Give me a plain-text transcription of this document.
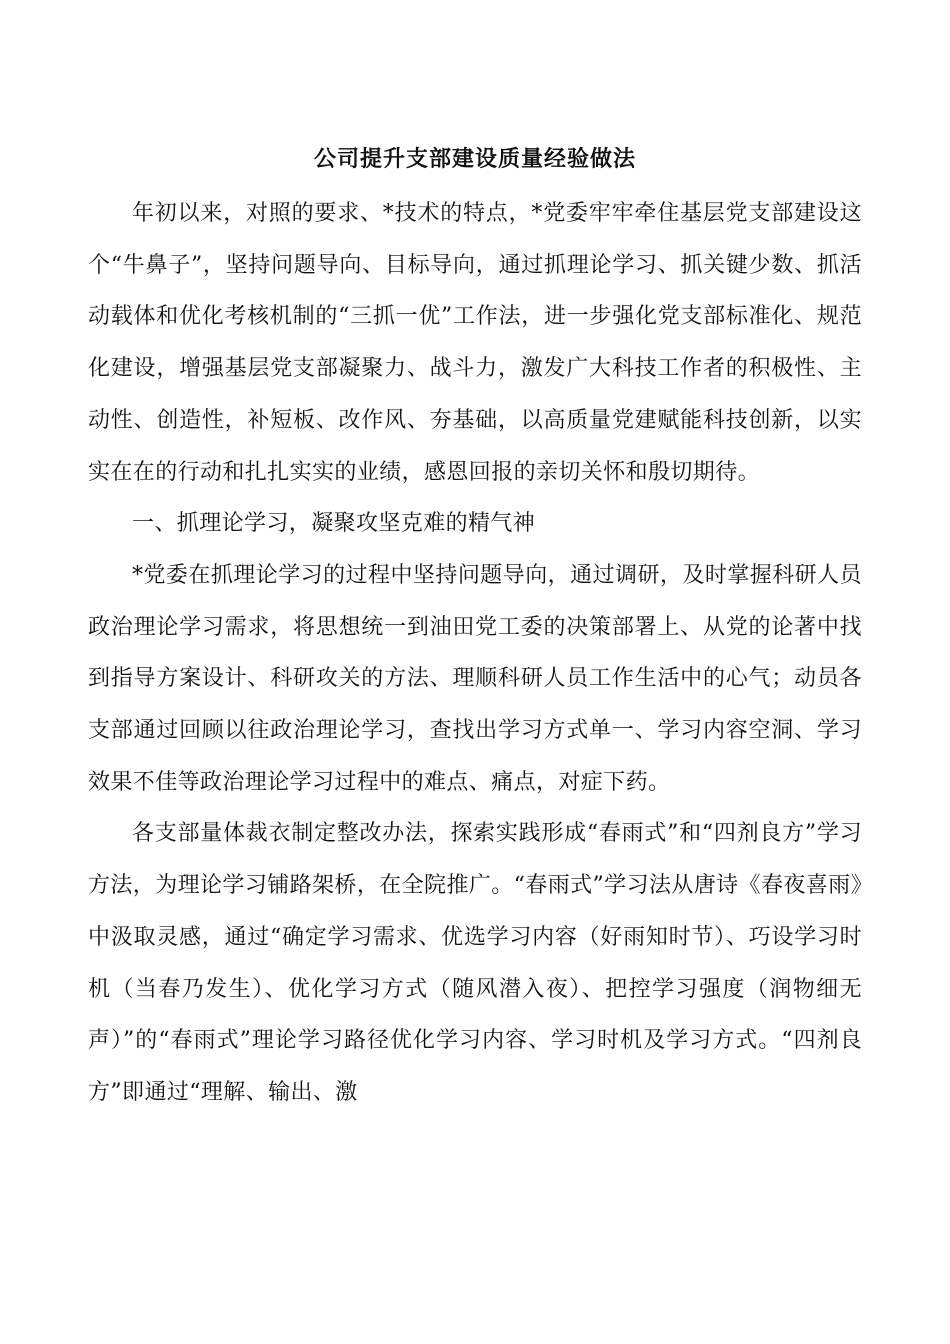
公司提升支部建设质量经验做法

年初以来，对照的要求、*技术的特点，*党委牢牢牵住基层党支部建设这个“牛鼻子”，坚持问题导向、目标导向，通过抓理论学习、抓关键少数、抓活动载体和优化考核机制的“三抓一优”工作法，进一步强化党支部标准化、规范化建设，增强基层党支部凝聚力、战斗力，激发广大科技工作者的积极性、主动性、创造性，补短板、改作风、夯基础，以高质量党建赋能科技创新，以实实在在的行动和扎扎实实的业绩，感恩回报的亲切关怀和殷切期待。

一、抓理论学习，凝聚攻坚克难的精气神

*党委在抓理论学习的过程中坚持问题导向，通过调研，及时掌握科研人员政治理论学习需求，将思想统一到油田党工委的决策部署上、从党的论著中找到指导方案设计、科研攻关的方法、理顺科研人员工作生活中的心气；动员各支部通过回顾以往政治理论学习，查找出学习方式单一、学习内容空洞、学习效果不佳等政治理论学习过程中的难点、痛点，对症下药。

各支部量体裁衣制定整改办法，探索实践形成“春雨式”和“四剂良方”学习方法，为理论学习铺路架桥，在全院推广。“春雨式”学习法从唐诗《春夜喜雨》中汲取灵感，通过“确定学习需求、优选学习内容（好雨知时节）、巧设学习时机（当春乃发生）、优化学习方式（随风潜入夜）、把控学习强度（润物细无声）”的“春雨式”理论学习路径优化学习内容、学习时机及学习方式。“四剂良方”即通过“理解、输出、激
